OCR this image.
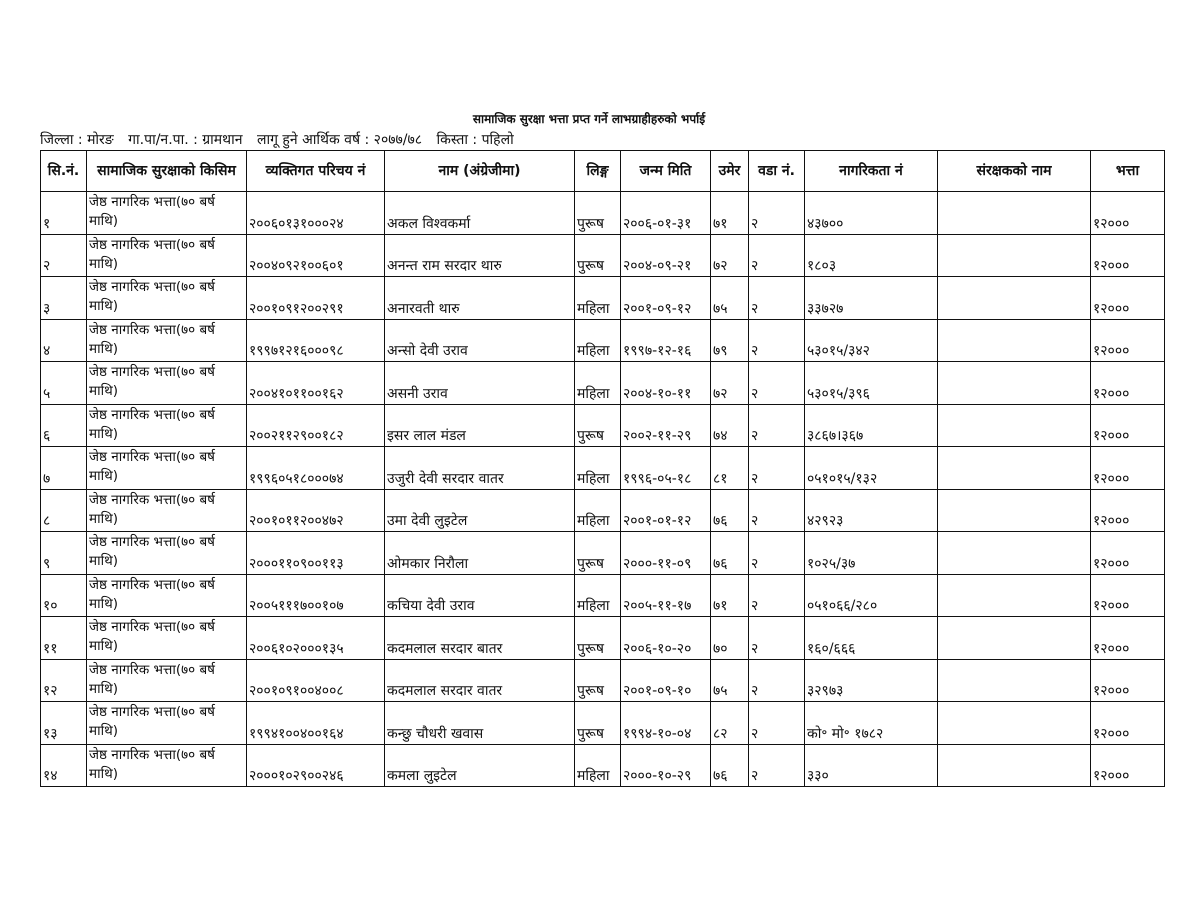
सामाजिक सुरक्षा भत्ता प्रप्त गर्ने लाभग्राहीहरुको भर्पाई
जिल्ला : मोरङ गा.पा/न.पा. : ग्रामथान लागू हुने आर्थिक वर्ष : २०७७/७८ किस्ता : पहिलो
सि.नं.	सामाजिक सुरक्षाको किसिम	व्यक्तिगत परिचय नं	नाम (अंग्रेजीमा)	लिङ्ग	जन्म मिति	उमेर	वडा नं.	नागरिकता नं	संरक्षकको नाम	भत्ता
१	जेष्ठ नागरिक भत्ता(७० बर्ष माथि)	२००६०१३१०००२४	अकल विश्वकर्मा	पुरूष	२००६-०१-३१	७१	२	४३७००		१२०००
२	जेष्ठ नागरिक भत्ता(७० बर्ष माथि)	२००४०९२१००६०१	अनन्त राम सरदार थारु	पुरूष	२००४-०९-२१	७२	२	१८०३		१२०००
३	जेष्ठ नागरिक भत्ता(७० बर्ष माथि)	२००१०९१२००२९१	अनारवती थारु	महिला	२००१-०९-१२	७५	२	३३७२७		१२०००
४	जेष्ठ नागरिक भत्ता(७० बर्ष माथि)	१९९७१२१६०००९८	अन्सो देवी उराव	महिला	१९९७-१२-१६	७९	२	५३०१५/३४२		१२०००
५	जेष्ठ नागरिक भत्ता(७० बर्ष माथि)	२००४१०११००१६२	असनी उराव	महिला	२००४-१०-११	७२	२	५३०१५/३९६		१२०००
६	जेष्ठ नागरिक भत्ता(७० बर्ष माथि)	२००२११२९००१८२	इसर लाल मंडल	पुरूष	२००२-११-२९	७४	२	३८६७।३६७		१२०००
७	जेष्ठ नागरिक भत्ता(७० बर्ष माथि)	१९९६०५१८०००७४	उजुरी देवी सरदार वातर	महिला	१९९६-०५-१८	८१	२	०५१०१५/१३२		१२०००
८	जेष्ठ नागरिक भत्ता(७० बर्ष माथि)	२००१०११२००४७२	उमा देवी लुइटेल	महिला	२००१-०१-१२	७६	२	४२९२३		१२०००
९	जेष्ठ नागरिक भत्ता(७० बर्ष माथि)	२०००११०९००११३	ओमकार निरौला	पुरूष	२०००-११-०९	७६	२	१०२५/३७		१२०००
१०	जेष्ठ नागरिक भत्ता(७० बर्ष माथि)	२००५१११७००१०७	कचिया देवी उराव	महिला	२००५-११-१७	७१	२	०५१०६६/२८०		१२०००
११	जेष्ठ नागरिक भत्ता(७० बर्ष माथि)	२००६१०२०००१३५	कदमलाल सरदार बातर	पुरूष	२००६-१०-२०	७०	२	१६०/६६६		१२०००
१२	जेष्ठ नागरिक भत्ता(७० बर्ष माथि)	२००१०९१००४००८	कदमलाल सरदार वातर	पुरूष	२००१-०९-१०	७५	२	३२९७३		१२०००
१३	जेष्ठ नागरिक भत्ता(७० बर्ष माथि)	१९९४१००४००१६४	कन्छु चौधरी खवास	पुरूष	१९९४-१०-०४	८२	२	को॰ मो॰ १७८२		१२०००
१४	जेष्ठ नागरिक भत्ता(७० बर्ष माथि)	२०००१०२९००२४६	कमला लुइटेल	महिला	२०००-१०-२९	७६	२	३३०		१२०००
